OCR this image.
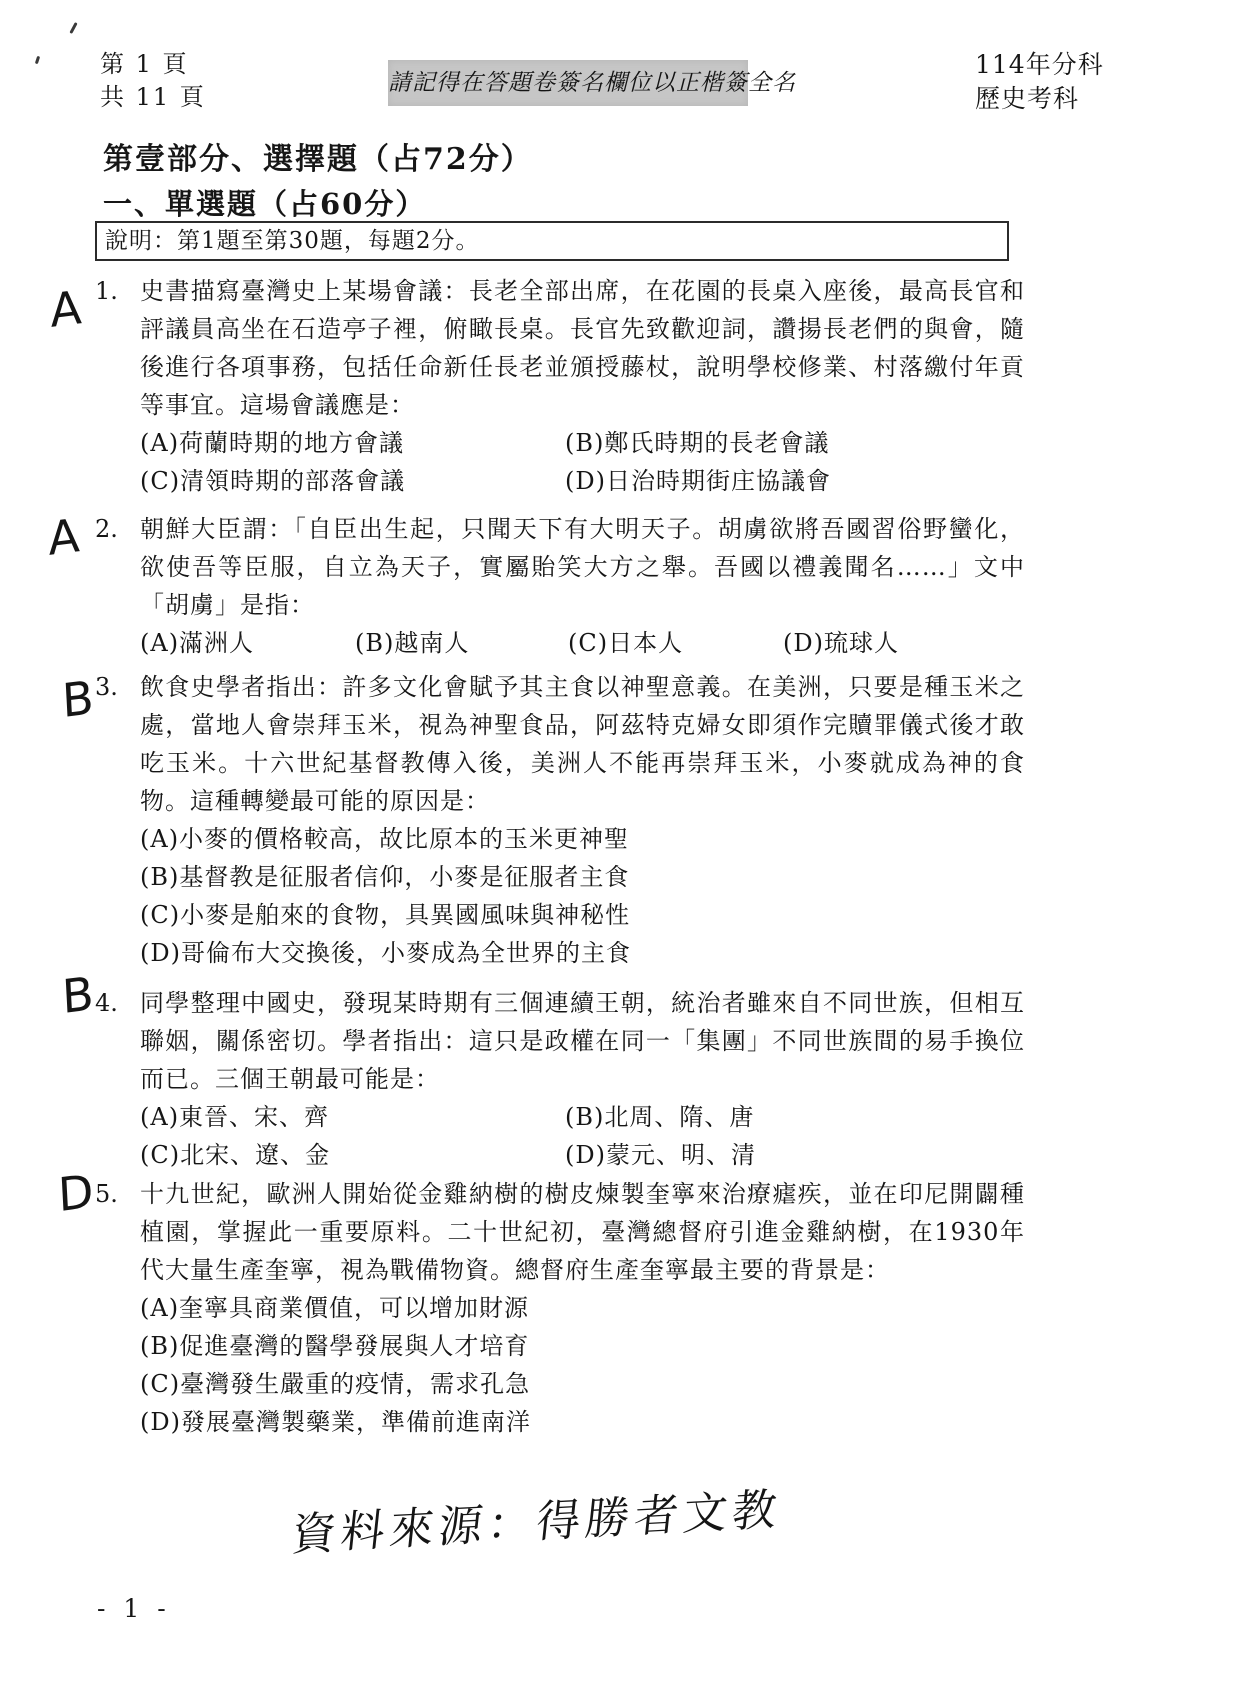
第 1 頁
共 11 頁	請記得在答題卷簽名欄位以正楷簽全名
114年分科
歷史考科
第壹部分、選擇題（占72分）
一、單選題（占60分）
說明：第1題至第30題，每題2分。
A
A
B
B
D
1. 史書描寫臺灣史上某場會議：長老全部出席，在花園的長桌入座後，最高長官和評議員高坐在石造亭子裡，俯瞰長桌。長官先致歡迎詞，讚揚長老們的與會，隨後進行各項事務，包括任命新任長老並頒授藤杖，說明學校修業、村落繳付年貢等事宜。這場會議應是：
(A)荷蘭時期的地方會議	(B)鄭氏時期的長老會議
(C)清領時期的部落會議	(D)日治時期街庄協議會
2. 朝鮮大臣謂：「自臣出生起，只聞天下有大明天子。胡虜欲將吾國習俗野蠻化，欲使吾等臣服，自立為天子，實屬貽笑大方之舉。吾國以禮義聞名……」文中「胡虜」是指：
(A)滿洲人	(B)越南人	(C)日本人	(D)琉球人
3. 飲食史學者指出：許多文化會賦予其主食以神聖意義。在美洲，只要是種玉米之處，當地人會崇拜玉米，視為神聖食品，阿茲特克婦女即須作完贖罪儀式後才敢吃玉米。十六世紀基督教傳入後，美洲人不能再崇拜玉米，小麥就成為神的食物。這種轉變最可能的原因是：
(A)小麥的價格較高，故比原本的玉米更神聖
(B)基督教是征服者信仰，小麥是征服者主食
(C)小麥是舶來的食物，具異國風味與神秘性
(D)哥倫布大交換後，小麥成為全世界的主食
4. 同學整理中國史，發現某時期有三個連續王朝，統治者雖來自不同世族，但相互聯姻，關係密切。學者指出：這只是政權在同一「集團」不同世族間的易手換位而已。三個王朝最可能是：
(A)東晉、宋、齊	(B)北周、隋、唐
(C)北宋、遼、金	(D)蒙元、明、清
5. 十九世紀，歐洲人開始從金雞納樹的樹皮煉製奎寧來治療瘧疾，並在印尼開闢種植園，掌握此一重要原料。二十世紀初，臺灣總督府引進金雞納樹，在1930年代大量生產奎寧，視為戰備物資。總督府生產奎寧最主要的背景是：
(A)奎寧具商業價值，可以增加財源
(B)促進臺灣的醫學發展與人才培育
(C)臺灣發生嚴重的疫情，需求孔急
(D)發展臺灣製藥業，準備前進南洋
資料來源：得勝者文教
- 1 -
